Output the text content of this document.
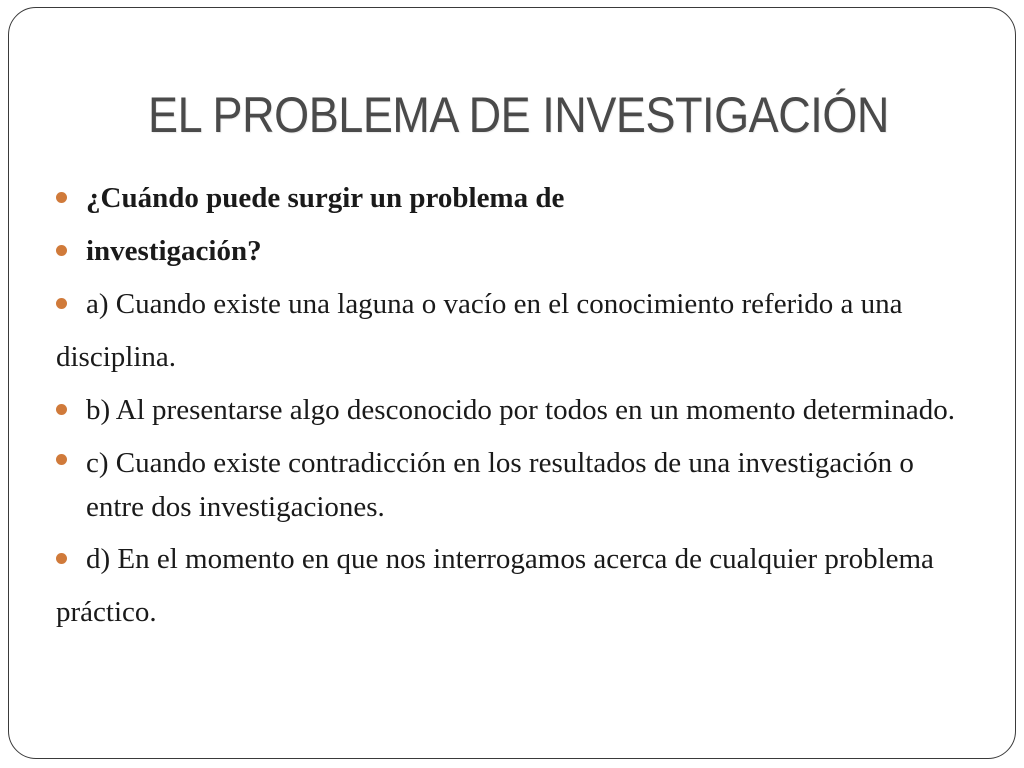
EL PROBLEMA DE INVESTIGACIÓN

¿Cuándo puede surgir un problema de

investigación?

a) Cuando existe una laguna o vacío en el conocimiento referido a una disciplina.

b) Al presentarse algo desconocido por todos en un momento determinado.

c) Cuando existe contradicción en los resultados de una investigación o entre dos investigaciones.

d) En el momento en que nos interrogamos acerca de cualquier problema práctico.
